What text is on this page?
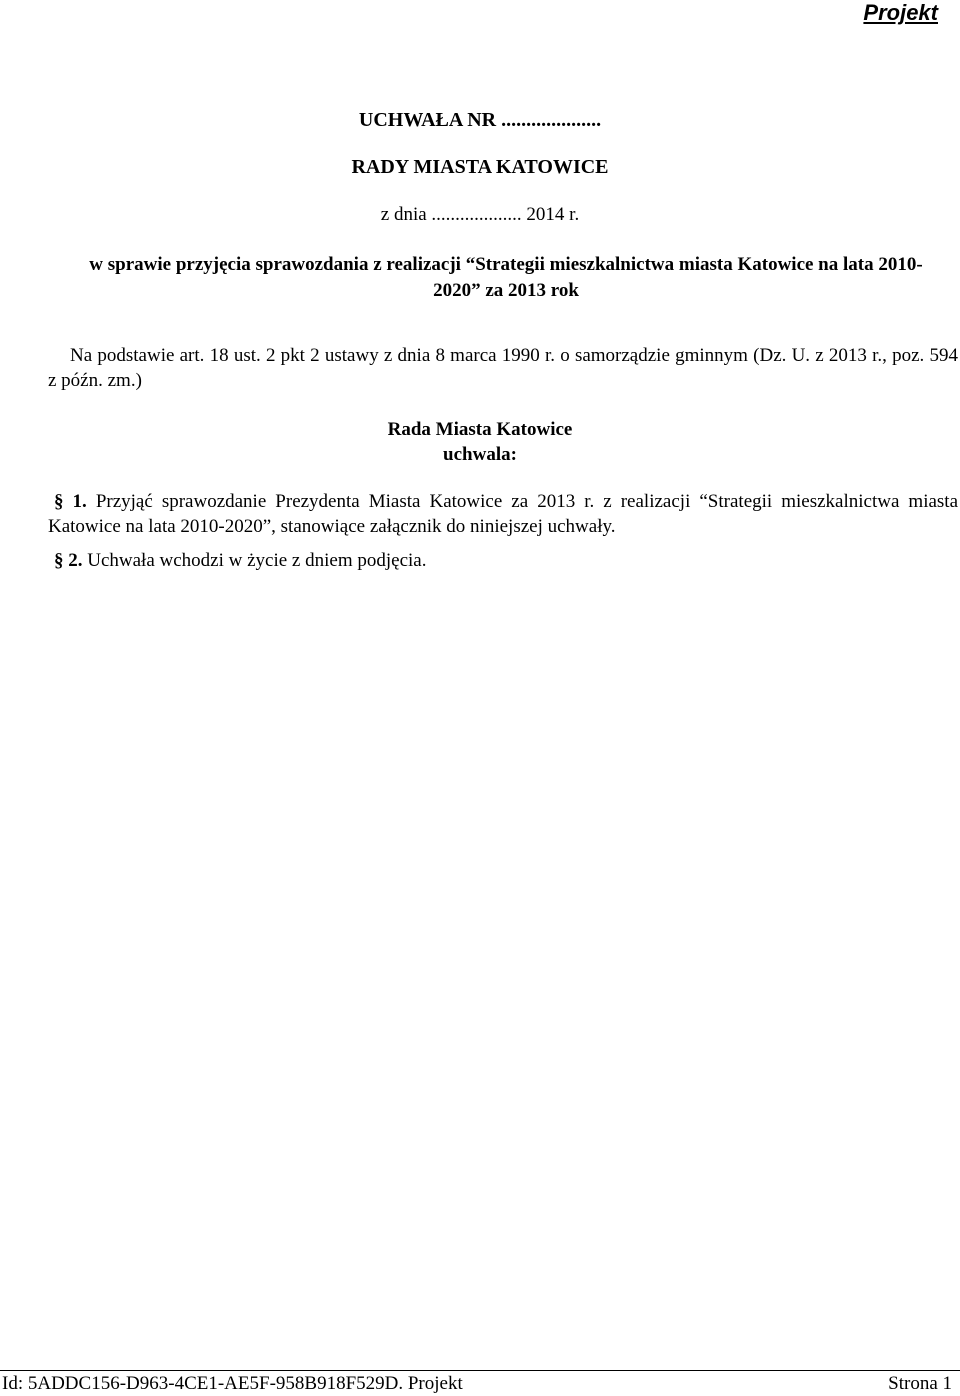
Projekt
UCHWAŁA NR ....................
RADY MIASTA KATOWICE
z dnia ................... 2014 r.
w sprawie przyjęcia sprawozdania z realizacji “Strategii mieszkalnictwa miasta Katowice na lata 2010-
2020” za 2013 rok
Na podstawie art. 18 ust. 2 pkt 2 ustawy z dnia 8 marca 1990 r. o samorządzie gminnym (Dz. U. z 2013 r., poz. 594 z późn. zm.)
Rada Miasta Katowice
uchwala:
§ 1. Przyjąć sprawozdanie Prezydenta Miasta Katowice za 2013 r. z realizacji “Strategii mieszkalnictwa miasta Katowice na lata 2010-2020”, stanowiące załącznik do niniejszej uchwały.
§ 2. Uchwała wchodzi w życie z dniem podjęcia.
Id: 5ADDC156-D963-4CE1-AE5F-958B918F529D. Projekt	Strona 1
